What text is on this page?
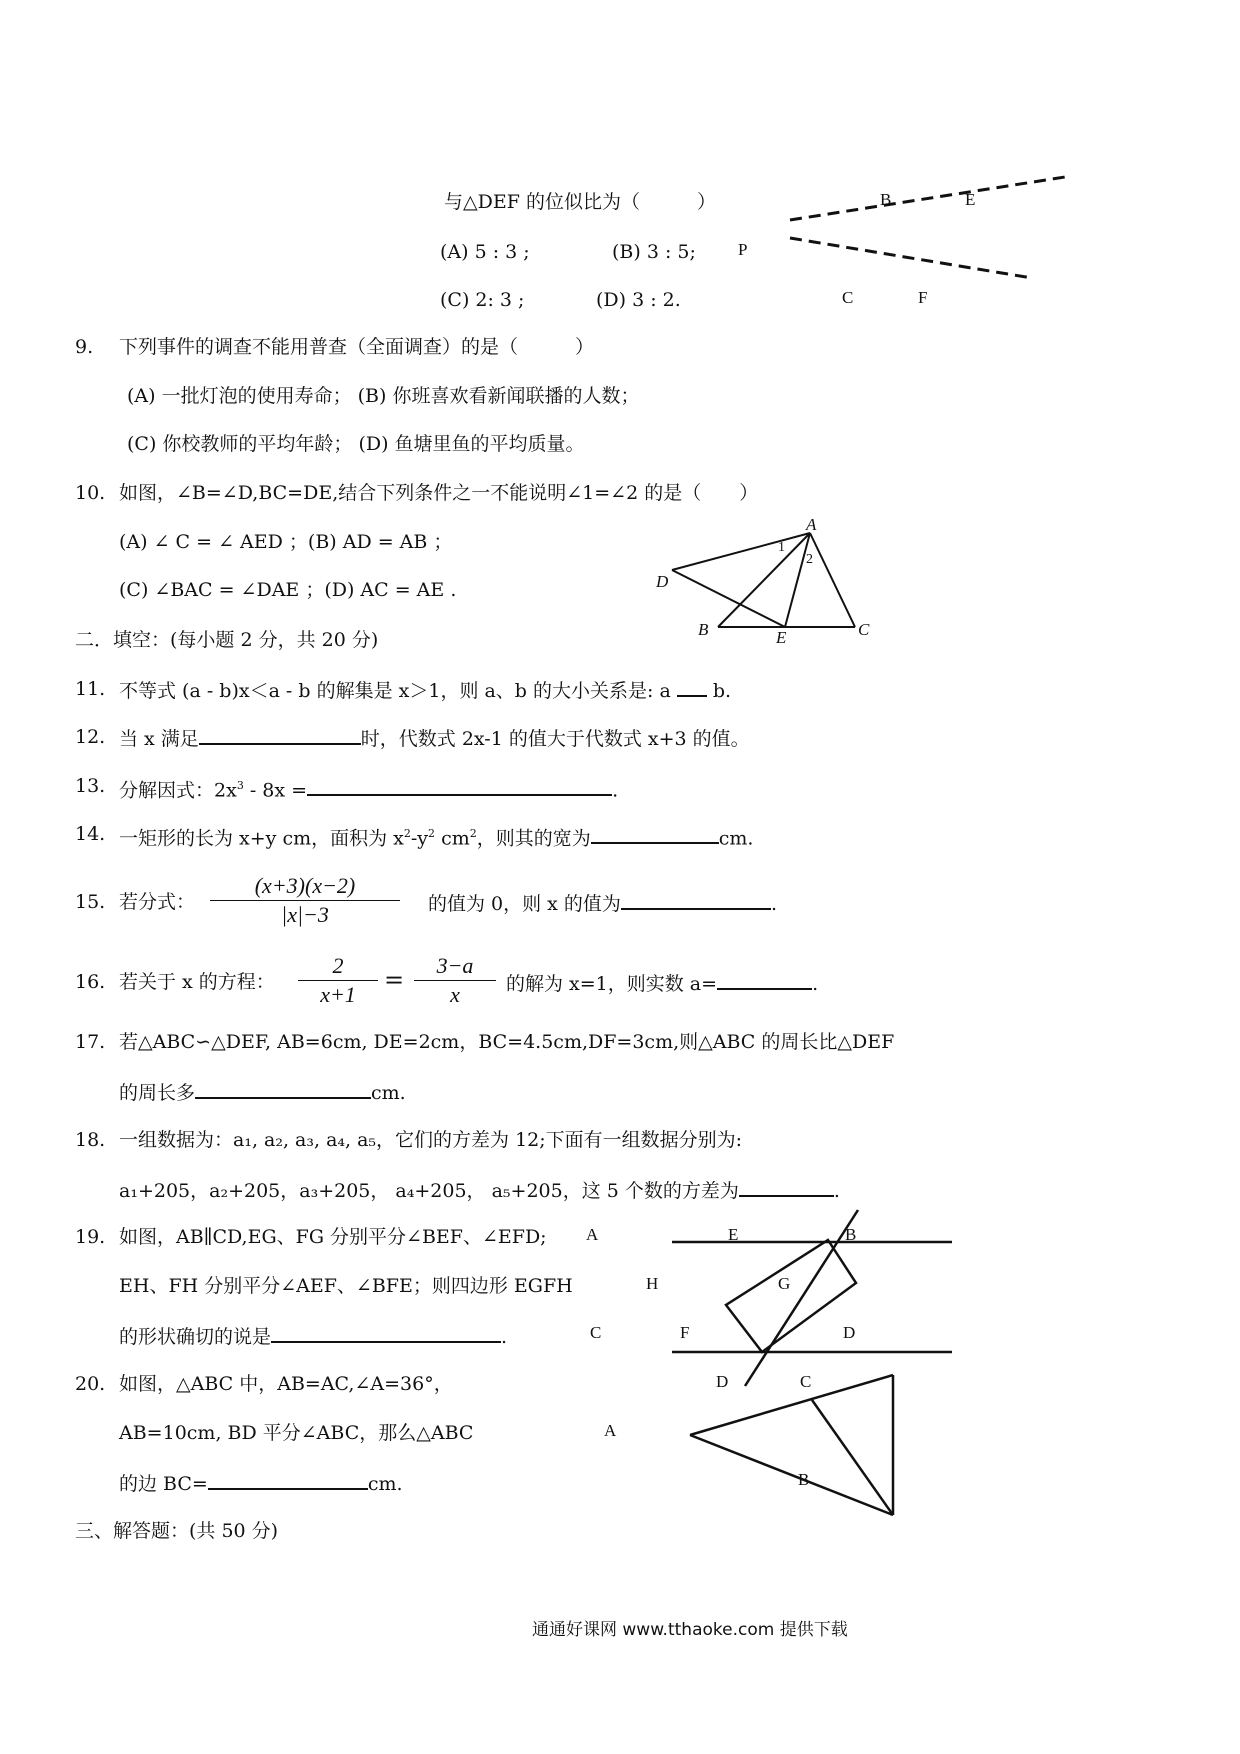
与△DEF 的位似比为（　　　）
(A) 5 : 3 ;	(B) 3 : 5;
(C) 2: 3 ;	(D) 3 : 2.
B	E
P
C	F
9. 下列事件的调查不能用普查（全面调查）的是（　　　）
(A) 一批灯泡的使用寿命； (B) 你班喜欢看新闻联播的人数；
(C) 你校教师的平均年龄； (D) 鱼塘里鱼的平均质量。
10. 如图，∠B=∠D,BC=DE,结合下列条件之一不能说明∠1=∠2 的是（　　）
(A) ∠ C = ∠ AED ；(B) AD = AB ；
(C) ∠BAC = ∠DAE ；(D) AC = AE .
A
1
2
D
B	E	C
二．填空：(每小题 2 分，共 20 分)
11. 不等式 (a - b)x＜a - b 的解集是 x＞1，则 a、b 的大小关系是: a b.
12. 当 x 满足	时，代数式 2x-1 的值大于代数式 x+3 的值。
13. 分解因式：$2x^3 - 8x$ =	.
14. 一矩形的长为 x+y cm，面积为 $x^2-y^2$ $cm^2$，则其的宽为	cm.
15. 若分式：
(x+3)(x−2)
|x|−3	的值为 0，则 x 的值为	.
16. 若关于 x 的方程：
2
x+1
=
3−a
x	的解为 x=1，则实数 a=	.
17. 若△ABC∽△DEF, AB=6cm, DE=2cm，BC=4.5cm,DF=3cm,则△ABC 的周长比△DEF
的周长多	cm.
18. 一组数据为：a₁, a₂, a₃, a₄, a₅，它们的方差为 12;下面有一组数据分别为:
a₁+205，a₂+205，a₃+205， a₄+205， a₅+205，这 5 个数的方差为	.
19. 如图，AB∥CD,EG、FG 分别平分∠BEF、∠EFD;
EH、FH 分别平分∠AEF、∠BFE；则四边形 EGFH
的形状确切的说是	.
A	E	B
H	G
C	F	D
20. 如图，△ABC 中，AB=AC,∠A=36°，
AB=10cm, BD 平分∠ABC，那么△ABC
的边 BC=	cm.
D	C
A
B
三、解答题：(共 50 分)
通通好课网 www.tthaoke.com 提供下载
